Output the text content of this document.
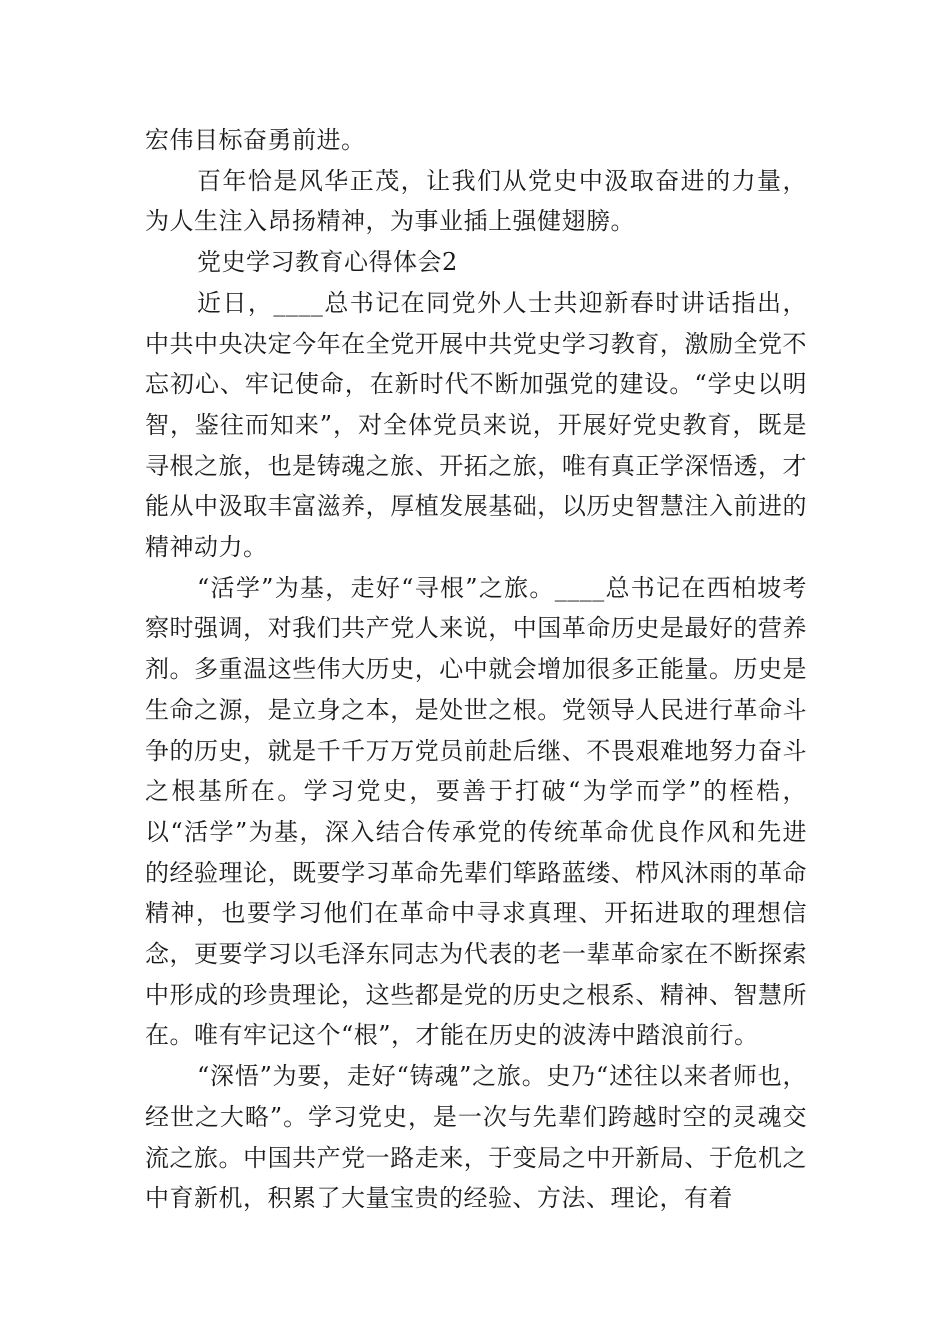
宏伟目标奋勇前进。

百年恰是风华正茂，让我们从党史中汲取奋进的力量，为人生注入昂扬精神，为事业插上强健翅膀。

党史学习教育心得体会2

近日，____总书记在同党外人士共迎新春时讲话指出，中共中央决定今年在全党开展中共党史学习教育，激励全党不忘初心、牢记使命，在新时代不断加强党的建设。“学史以明智，鉴往而知来”，对全体党员来说，开展好党史教育，既是寻根之旅，也是铸魂之旅、开拓之旅，唯有真正学深悟透，才能从中汲取丰富滋养，厚植发展基础，以历史智慧注入前进的精神动力。

“活学”为基，走好“寻根”之旅。____总书记在西柏坡考察时强调，对我们共产党人来说，中国革命历史是最好的营养剂。多重温这些伟大历史，心中就会增加很多正能量。历史是生命之源，是立身之本，是处世之根。党领导人民进行革命斗争的历史，就是千千万万党员前赴后继、不畏艰难地努力奋斗之根基所在。学习党史，要善于打破“为学而学”的桎梏，以“活学”为基，深入结合传承党的传统革命优良作风和先进的经验理论，既要学习革命先辈们筚路蓝缕、栉风沐雨的革命精神，也要学习他们在革命中寻求真理、开拓进取的理想信念，更要学习以毛泽东同志为代表的老一辈革命家在不断探索中形成的珍贵理论，这些都是党的历史之根系、精神、智慧所在。唯有牢记这个“根”，才能在历史的波涛中踏浪前行。

“深悟”为要，走好“铸魂”之旅。史乃“述往以来者师也，经世之大略”。学习党史，是一次与先辈们跨越时空的灵魂交流之旅。中国共产党一路走来，于变局之中开新局、于危机之中育新机，积累了大量宝贵的经验、方法、理论，有着
